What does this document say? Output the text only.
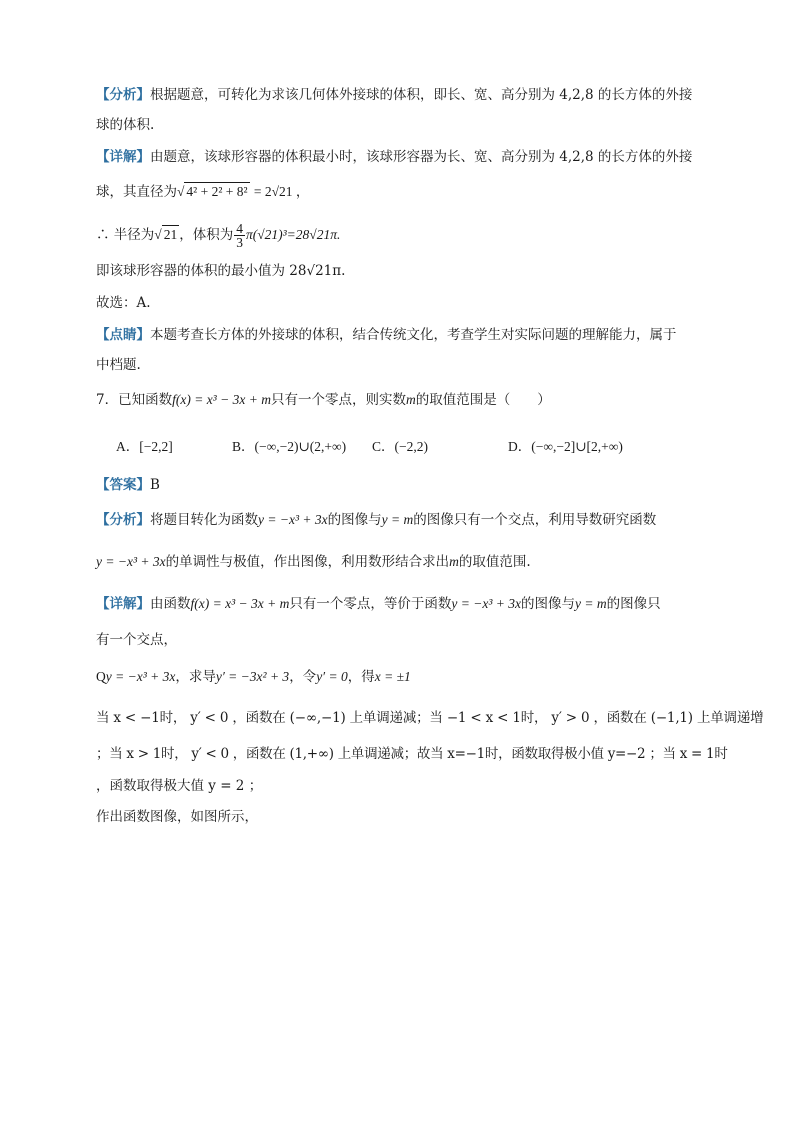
【分析】根据题意，可转化为求该几何体外接球的体积，即长、宽、高分别为 4,2,8 的长方体的外接
球的体积.
【详解】由题意，该球形容器的体积最小时，该球形容器为长、宽、高分别为 4,2,8 的长方体的外接
球，其直径为√ 4² + 2² + 8² = 2√21 ，
∴ 半径为√ 21 ，体积为 $\frac{4}{3} \pi(√21)^3=28√21\pi$.
即该球形容器的体积的最小值为 28√21π.
故选：A.
【点睛】本题考查长方体的外接球的体积，结合传统文化，考查学生对实际问题的理解能力，属于
中档题.
7．已知函数f(x) = x³ − 3x + m只有一个零点，则实数m的取值范围是（　　）
A．[−2,2]	B．(−∞,−2)∪(2,+∞) C．(−2,2)	D．(−∞,−2]∪[2,+∞)
【答案】B
【分析】将题目转化为函数y = −x³ + 3x的图像与y = m的图像只有一个交点，利用导数研究函数
y = −x³ + 3x的单调性与极值，作出图像，利用数形结合求出m的取值范围.
【详解】由函数f(x) = x³ − 3x + m只有一个零点，等价于函数y = −x³ + 3x的图像与y = m的图像只
有一个交点，
Qy = −x³ + 3x，求导y′ = −3x² + 3，令y′ = 0，得x = ±1
当 x < −1时， y′ < 0 ，函数在 (−∞,−1) 上单调递减；当 −1 < x < 1时， y′ > 0 ，函数在 (−1,1) 上单调递增
；当 x > 1时， y′ < 0 ，函数在 (1,+∞) 上单调递减；故当 x=−1时，函数取得极小值 y=−2 ；当 x = 1时
，函数取得极大值 y = 2 ；
作出函数图像，如图所示，
